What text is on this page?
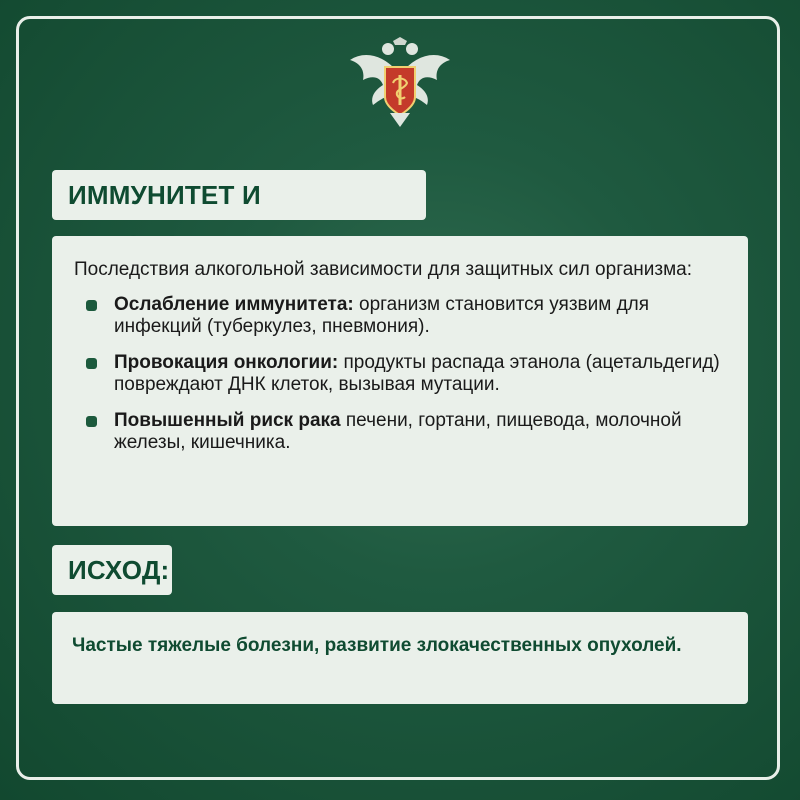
ИММУНИТЕТ И

Последствия алкогольной зависимости для защитных сил организма:

Ослабление иммунитета: организм становится уязвим для инфекций (туберкулез, пневмония).
Провокация онкологии: продукты распада этанола (ацетальдегид) повреждают ДНК клеток, вызывая мутации.
Повышенный риск рака печени, гортани, пищевода, молочной железы, кишечника.
ИСХОД:

Частые тяжелые болезни, развитие злокачественных опухолей.
